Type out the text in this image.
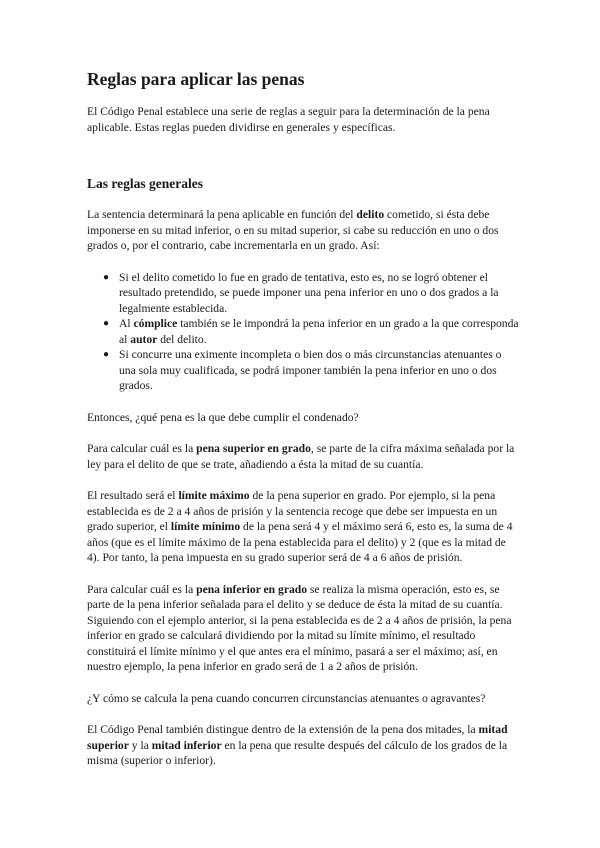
Reglas para aplicar las penas

El Código Penal establece una serie de reglas a seguir para la determinación de la pena aplicable. Estas reglas pueden dividirse en generales y específicas.

Las reglas generales

La sentencia determinará la pena aplicable en función del delito cometido, si ésta debe imponerse en su mitad inferior, o en su mitad superior, si cabe su reducción en uno o dos grados o, por el contrario, cabe incrementarla en un grado. Así:

● Si el delito cometido lo fue en grado de tentativa, esto es, no se logró obtener el resultado pretendido, se puede imponer una pena inferior en uno o dos grados a la legalmente establecida.
● Al cómplice también se le impondrá la pena inferior en un grado a la que corresponda al autor del delito.
● Si concurre una eximente incompleta o bien dos o más circunstancias atenuantes o una sola muy cualificada, se podrá imponer también la pena inferior en uno o dos grados.

Entonces, ¿qué pena es la que debe cumplir el condenado?

Para calcular cuál es la pena superior en grado, se parte de la cifra máxima señalada por la ley para el delito de que se trate, añadiendo a ésta la mitad de su cuantía.

El resultado será el límite máximo de la pena superior en grado. Por ejemplo, si la pena establecida es de 2 a 4 años de prisión y la sentencia recoge que debe ser impuesta en un grado superior, el límite mínimo de la pena será 4 y el máximo será 6, esto es, la suma de 4 años (que es el límite máximo de la pena establecida para el delito) y 2 (que es la mitad de 4). Por tanto, la pena impuesta en su grado superior será de 4 a 6 años de prisión.

Para calcular cuál es la pena inferior en grado se realiza la misma operación, esto es, se parte de la pena inferior señalada para el delito y se deduce de ésta la mitad de su cuantía. Siguiendo con el ejemplo anterior, si la pena establecida es de 2 a 4 años de prisión, la pena inferior en grado se calculará dividiendo por la mitad su límite mínimo, el resultado constituirá el límite mínimo y el que antes era el mínimo, pasará a ser el máximo; así, en nuestro ejemplo, la pena inferior en grado será de 1 a 2 años de prisión.

¿Y cómo se calcula la pena cuando concurren circunstancias atenuantes o agravantes?

El Código Penal también distingue dentro de la extensión de la pena dos mitades, la mitad superior y la mitad inferior en la pena que resulte después del cálculo de los grados de la misma (superior o inferior).
